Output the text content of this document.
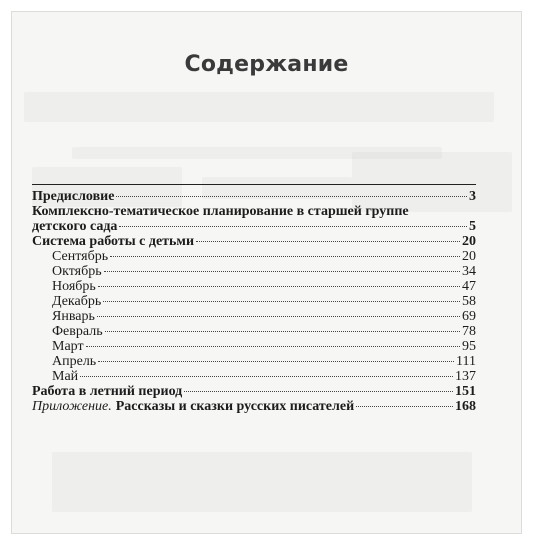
Содержание
Предисловие	3
Комплексно-тематическое планирование в старшей группе
детского сада	5
Система работы с детьми	20
Сентябрь	20
Октябрь	34
Ноябрь	47
Декабрь	58
Январь	69
Февраль	78
Март	95
Апрель	111
Май	137
Работа в летний период	151
Приложение. Рассказы и сказки русских писателей	168
